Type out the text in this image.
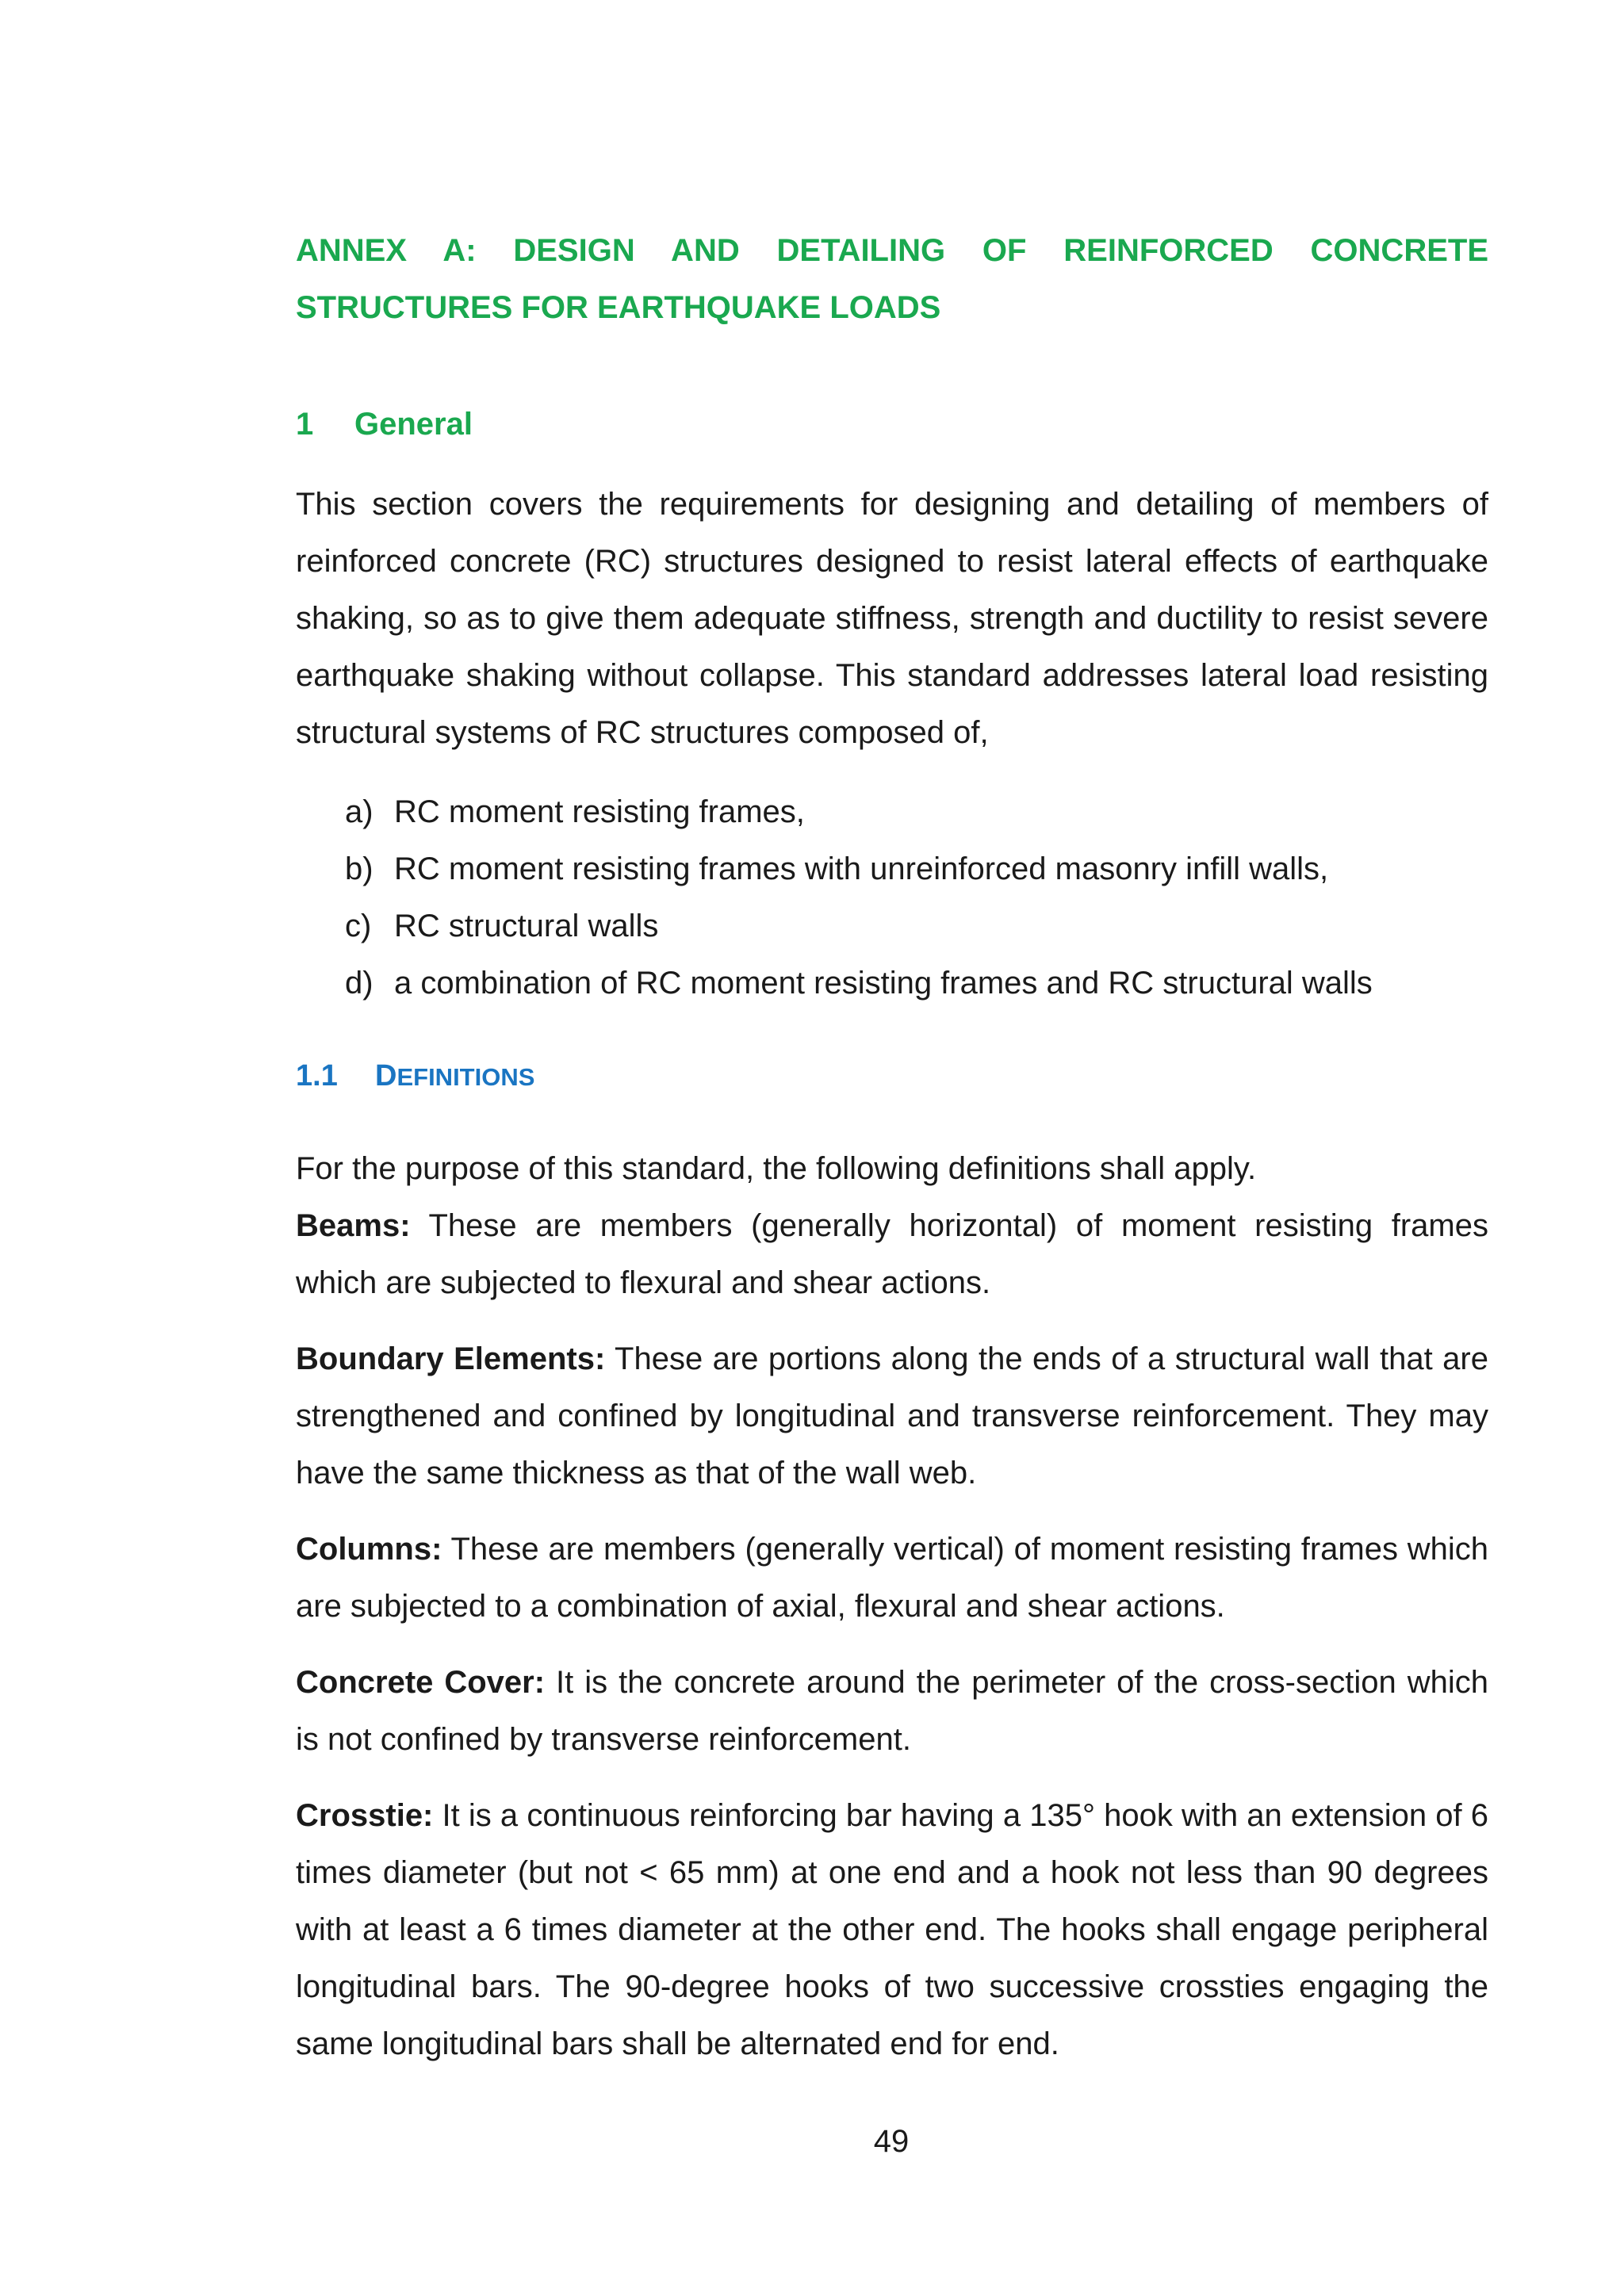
ANNEX A: DESIGN AND DETAILING OF REINFORCED CONCRETE
STRUCTURES FOR EARTHQUAKE LOADS
1 General

This section covers the requirements for designing and detailing of members of reinforced concrete (RC) structures designed to resist lateral effects of earthquake shaking, so as to give them adequate stiffness, strength and ductility to resist severe earthquake shaking without collapse. This standard addresses lateral load resisting structural systems of RC structures composed of,

a) RC moment resisting frames,
b) RC moment resisting frames with unreinforced masonry infill walls,
c) RC structural walls
d) a combination of RC moment resisting frames and RC structural walls
1.1 DEFINITIONS

For the purpose of this standard, the following definitions shall apply.

Beams: These are members (generally horizontal) of moment resisting frames which are subjected to flexural and shear actions.

Boundary Elements: These are portions along the ends of a structural wall that are strengthened and confined by longitudinal and transverse reinforcement. They may have the same thickness as that of the wall web.

Columns: These are members (generally vertical) of moment resisting frames which are subjected to a combination of axial, flexural and shear actions.

Concrete Cover: It is the concrete around the perimeter of the cross-section which is not confined by transverse reinforcement.

Crosstie: It is a continuous reinforcing bar having a 135° hook with an extension of 6 times diameter (but not < 65 mm) at one end and a hook not less than 90 degrees with at least a 6 times diameter at the other end. The hooks shall engage peripheral longitudinal bars. The 90-degree hooks of two successive crossties engaging the same longitudinal bars shall be alternated end for end.

49
